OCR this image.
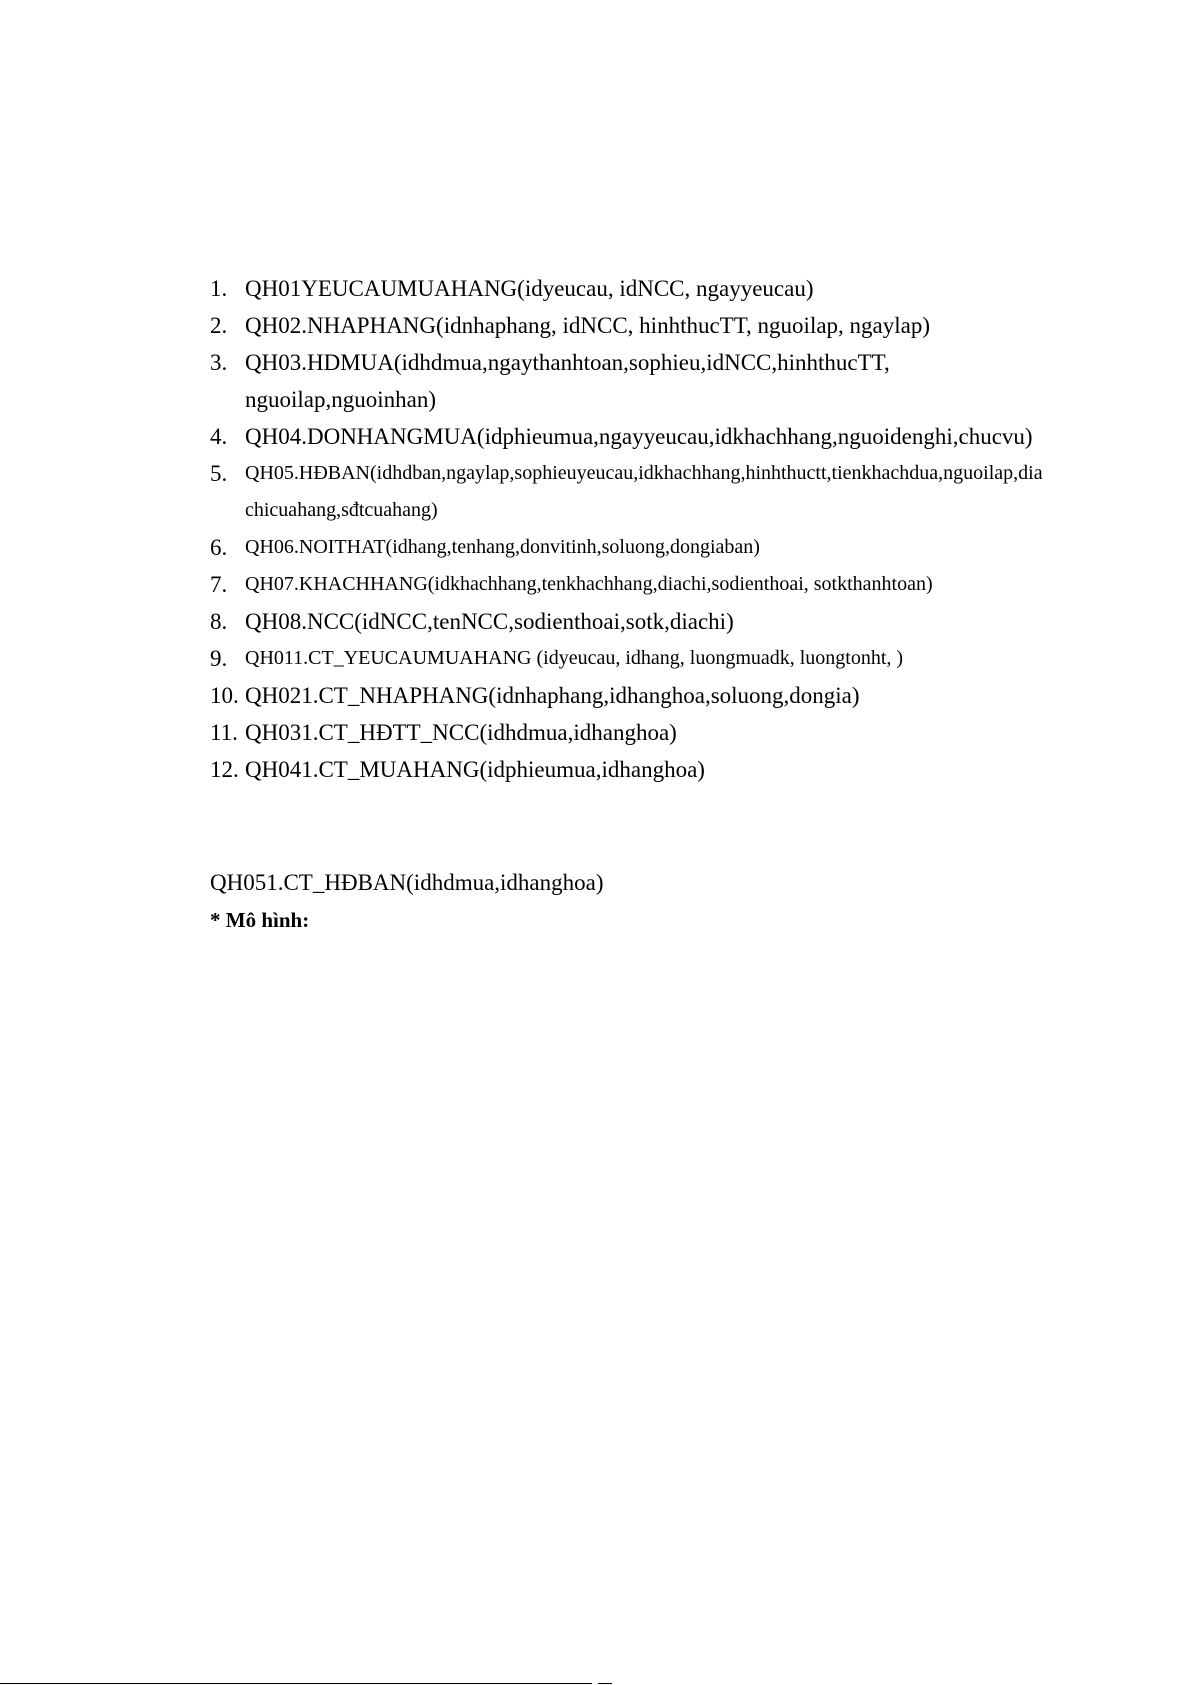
1. QH01YEUCAUMUAHANG(idyeucau, idNCC, ngayyeucau)
2. QH02.NHAPHANG(idnhaphang, idNCC, hinhthucTT, nguoilap, ngaylap)
3. QH03.HDMUA(idhdmua,ngaythanhtoan,sophieu,idNCC,hinhthucTT, nguoilap,nguoinhan)
4. QH04.DONHANGMUA(idphieumua,ngayyeucau,idkhachhang,nguoidenghi,chucvu)
5. QH05.HĐBAN(idhdban,ngaylap,sophieuyeucau,idkhachhang,hinhthuctt,tienkhachdua,nguoilap,diachicuahang,sđtcuahang)
6. QH06.NOITHAT(idhang,tenhang,donvitinh,soluong,dongiaban)
7. QH07.KHACHHANG(idkhachhang,tenkhachhang,diachi,sodienthoai, sotkthanhtoan)
8. QH08.NCC(idNCC,tenNCC,sodienthoai,sotk,diachi)
9. QH011.CT_YEUCAUMUAHANG (idyeucau, idhang, luongmuadk, luongtonht, )
10. QH021.CT_NHAPHANG(idnhaphang,idhanghoa,soluong,dongia)
11. QH031.CT_HĐTT_NCC(idhdmua,idhanghoa)
12. QH041.CT_MUAHANG(idphieumua,idhanghoa)
QH051.CT_HĐBAN(idhdmua,idhanghoa)
* Mô hình:
